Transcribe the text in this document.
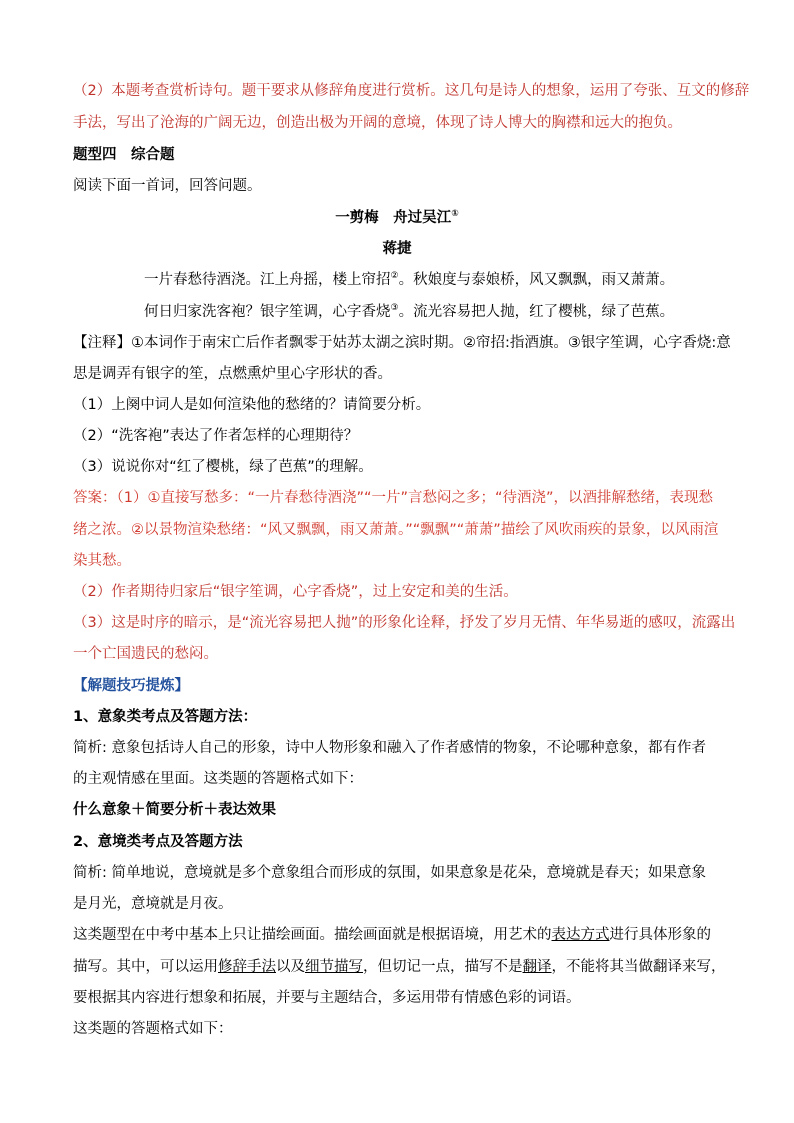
（2）本题考查赏析诗句。题干要求从修辞角度进行赏析。这几句是诗人的想象，运用了夸张、互文的修辞
手法，写出了沧海的广阔无边，创造出极为开阔的意境，体现了诗人博大的胸襟和远大的抱负。
题型四　综合题
阅读下面一首词，回答问题。
一剪梅　舟过吴江①
蒋捷
一片春愁待酒浇。江上舟摇，楼上帘招②。秋娘度与泰娘桥，风又飘飘，雨又萧萧。
何日归家洗客袍？银字笙调，心字香烧③。流光容易把人抛，红了樱桃，绿了芭蕉。
【注释】①本词作于南宋亡后作者飘零于姑苏太湖之滨时期。②帘招:指酒旗。③银字笙调，心字香烧:意
思是调弄有银字的笙，点燃熏炉里心字形状的香。
（1）上阕中词人是如何渲染他的愁绪的？请简要分析。
（2）“洗客袍”表达了作者怎样的心理期待？
（3）说说你对“红了樱桃，绿了芭蕉”的理解。
答案：（1）①直接写愁多：“一片春愁待酒浇”“一片”言愁闷之多；“待酒浇”，以酒排解愁绪，表现愁
绪之浓。②以景物渲染愁绪：“风又飘飘，雨又萧萧。”“飘飘”“萧萧”描绘了风吹雨疾的景象，以风雨渲
染其愁。
（2）作者期待归家后“银字笙调，心字香烧”，过上安定和美的生活。
（3）这是时序的暗示，是“流光容易把人抛”的形象化诠释，抒发了岁月无情、年华易逝的感叹，流露出
一个亡国遗民的愁闷。
【解题技巧提炼】
1、意象类考点及答题方法：
简析: 意象包括诗人自己的形象，诗中人物形象和融入了作者感情的物象，不论哪种意象，都有作者
的主观情感在里面。这类题的答题格式如下：
什么意象＋简要分析＋表达效果
2、意境类考点及答题方法
简析: 简单地说，意境就是多个意象组合而形成的氛围，如果意象是花朵，意境就是春天；如果意象
是月光，意境就是月夜。
这类题型在中考中基本上只让描绘画面。描绘画面就是根据语境，用艺术的表达方式进行具体形象的
描写。其中，可以运用修辞手法以及细节描写，但切记一点，描写不是翻译，不能将其当做翻译来写，
要根据其内容进行想象和拓展，并要与主题结合，多运用带有情感色彩的词语。
这类题的答题格式如下：
